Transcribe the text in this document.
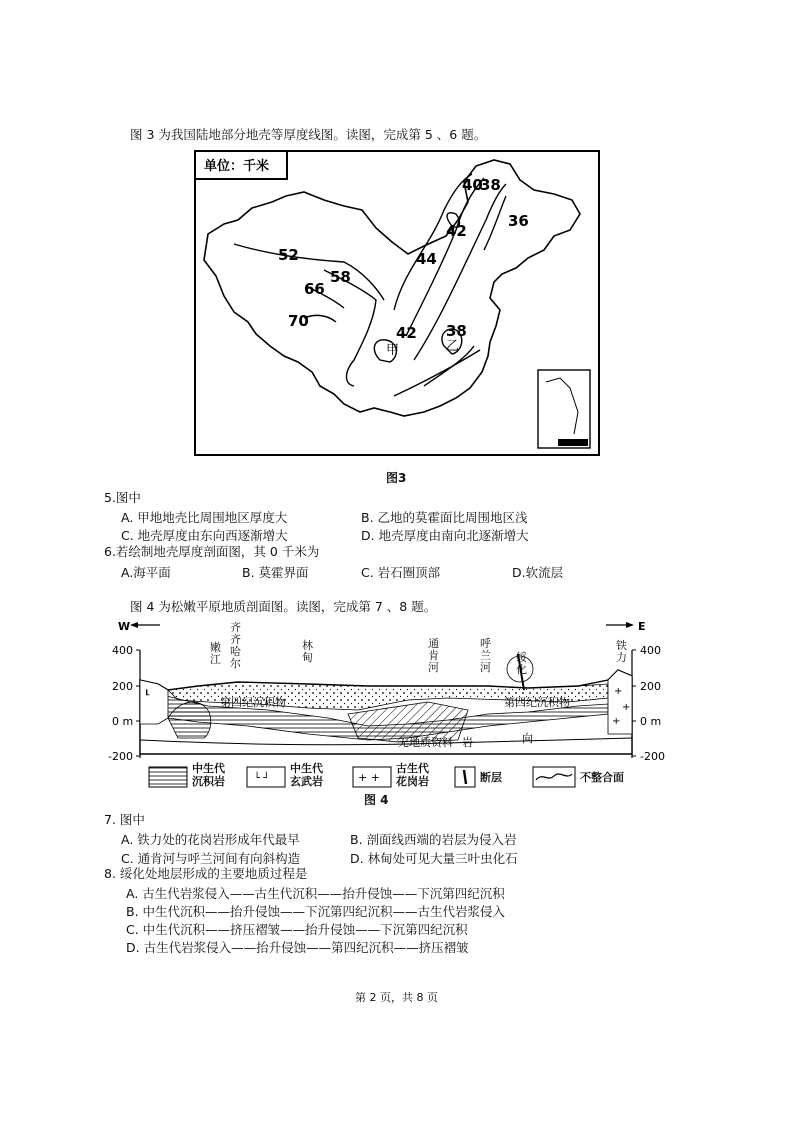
图 3 为我国陆地部分地壳等厚度线图。读图，完成第 5 、6 题。
单位：千米
52
58
66
70
44
42
40
38
36
42 38
甲	乙
图3
5.图中
A. 甲地地壳比周围地区厚度大	B. 乙地的莫霍面比周围地区浅
C. 地壳厚度由东向西逐渐增大	D. 地壳厚度由南向北逐渐增大
6.若绘制地壳厚度剖面图，其 0 千米为
A.海平面	B. 莫霍界面	C. 岩石圈顶部	D.软流层
图 4 为松嫩平原地质剖面图。读图，完成第 7 、8 题。
W	E
400
200
0 m
-200
400
200
0 m
-200
┖	+
+
+
第四纪沉积物	第四纪沉积物
无地质资料 岩	向
嫩江
齐齐哈尔
林甸
通肯河
呼兰河
绥化
铁力
中生代
沉积岩	└ ┘
中生代
玄武岩	+ +
古生代
花岗岩	断层	不整合面
图 4
7. 图中
A. 铁力处的花岗岩形成年代最早	B. 剖面线西端的岩层为侵入岩
C. 通肯河与呼兰河间有向斜构造	D. 林甸处可见大量三叶虫化石
8. 绥化处地层形成的主要地质过程是
A. 古生代岩浆侵入——古生代沉积——抬升侵蚀——下沉第四纪沉积
B. 中生代沉积——抬升侵蚀——下沉第四纪沉积——古生代岩浆侵入
C. 中生代沉积——挤压褶皱——抬升侵蚀——下沉第四纪沉积
D. 古生代岩浆侵入——抬升侵蚀——第四纪沉积——挤压褶皱
第 2 页，共 8 页
